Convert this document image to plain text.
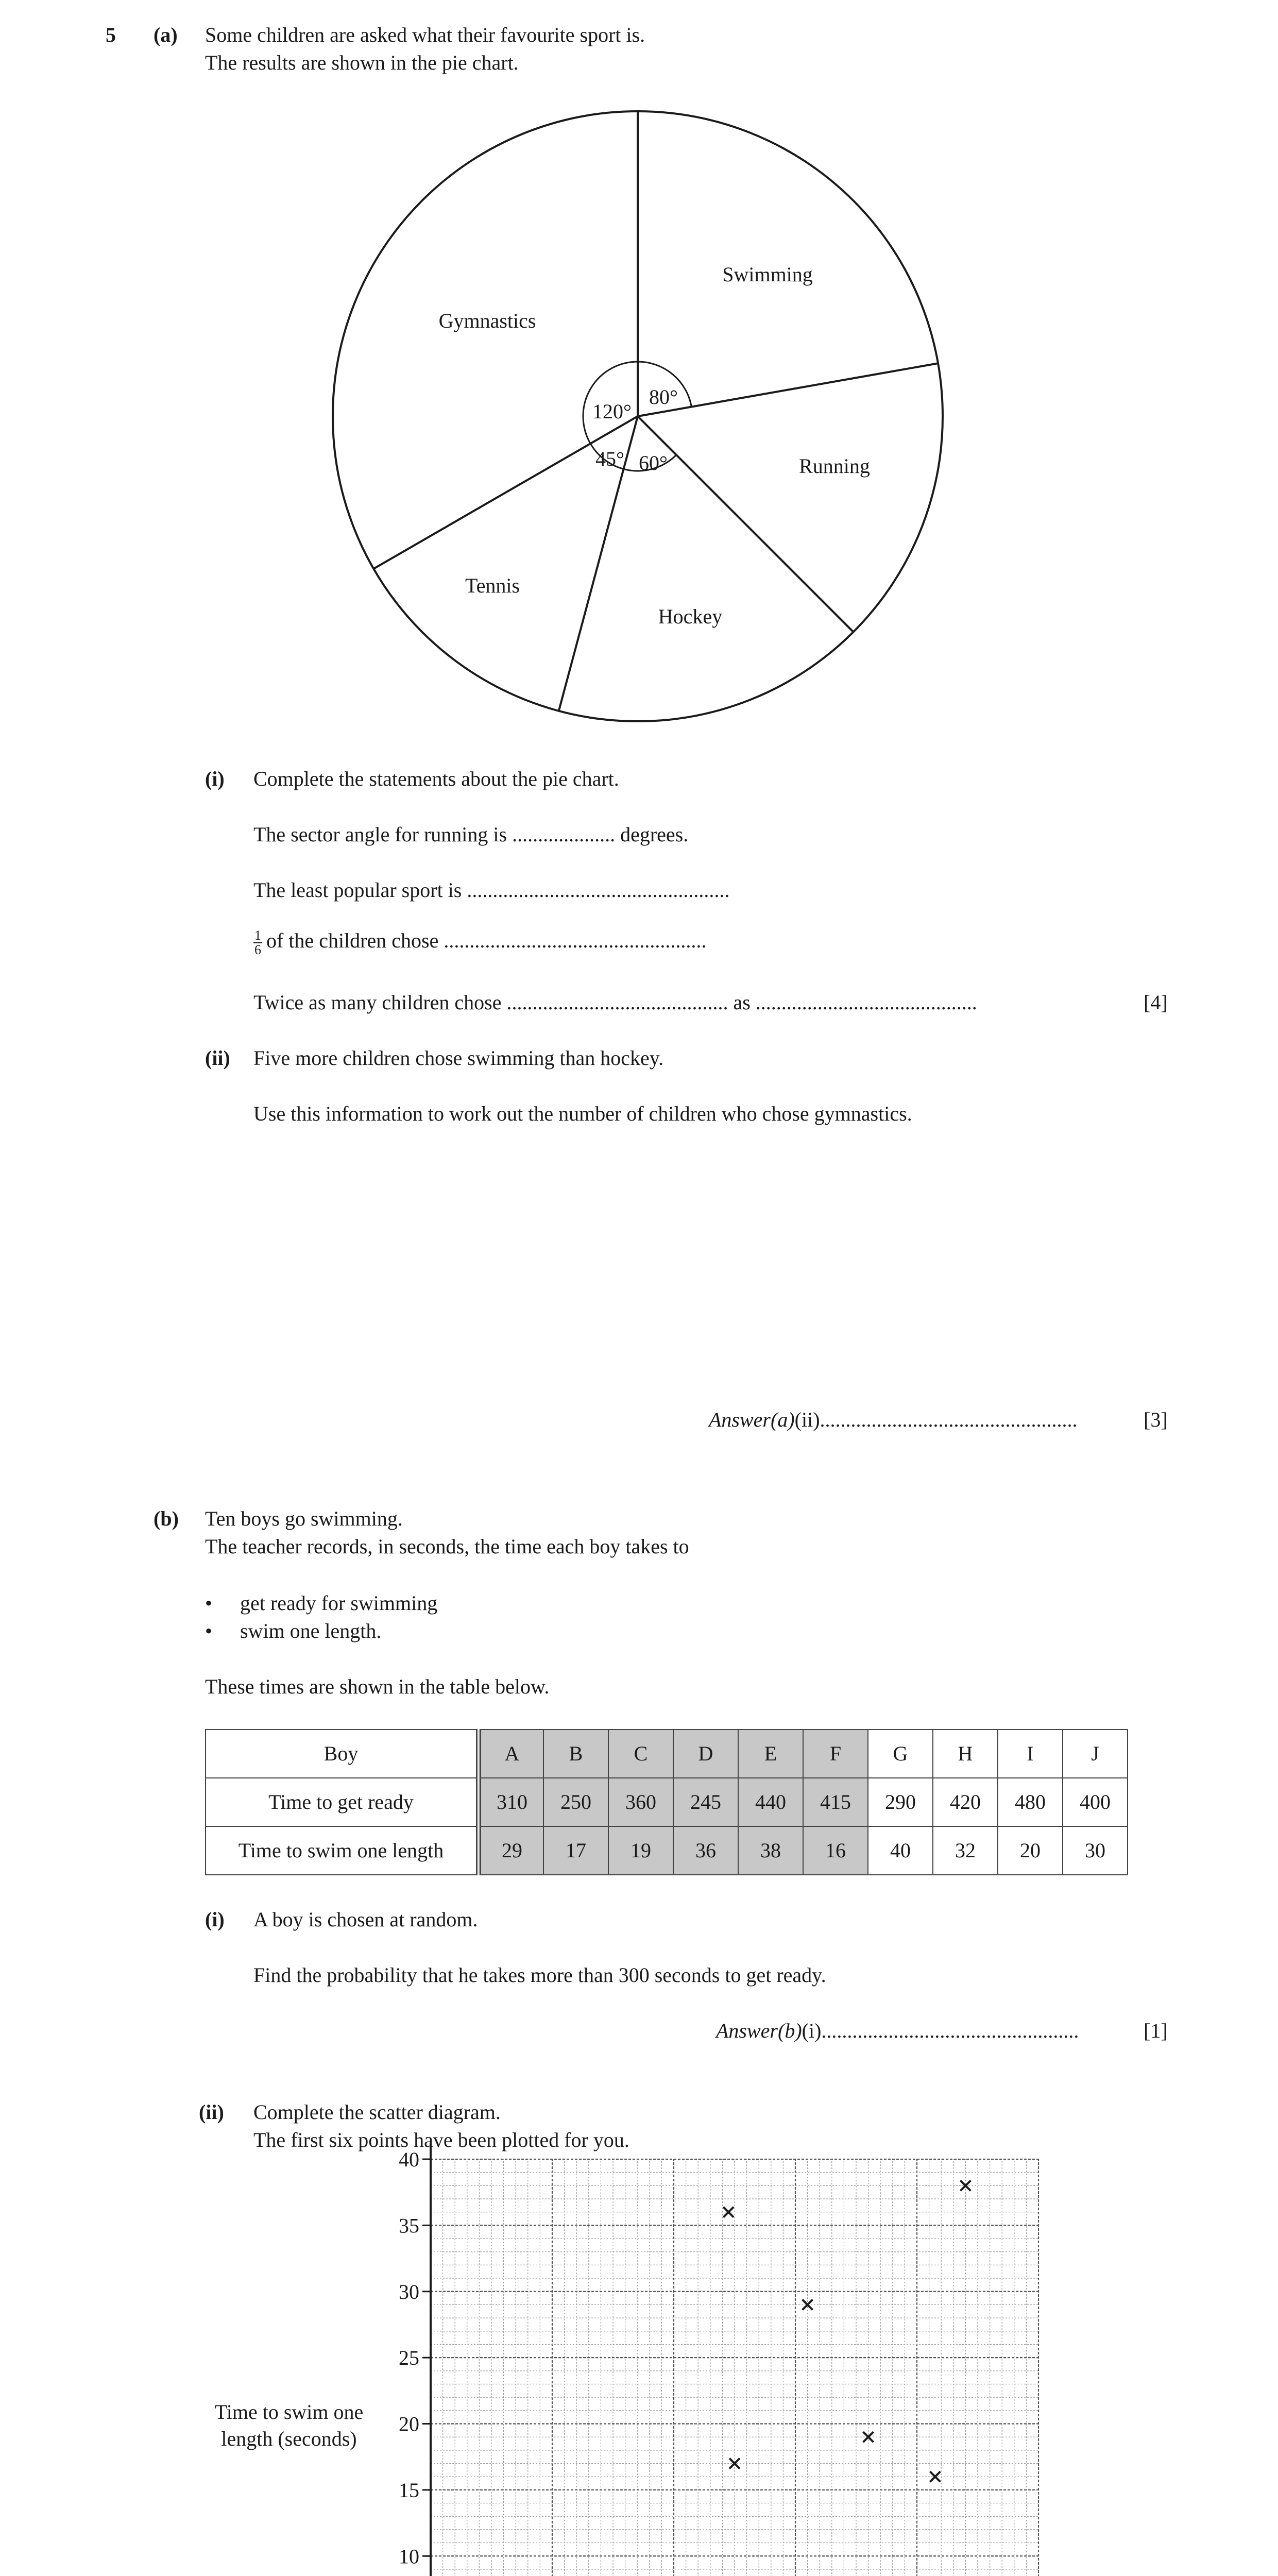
5 (a) Some children are asked what their favourite sport is.
The results are shown in the pie chart.
Swimming
Running
Hockey
Tennis
Gymnastics
80°
60°
45°
120°
(i) Complete the statements about the pie chart.
The sector angle for running is .................... degrees.
The least popular sport is ...................................................
$\frac{1}{6}$ of the children chose ...................................................
Twice as many children chose ........................................... as ...........................................	[4]
(ii) Five more children chose swimming than hockey.
Use this information to work out the number of children who chose gymnastics.
Answer(a)(ii)..................................................	[3]
(b) Ten boys go swimming.
The teacher records, in seconds, the time each boy takes to
• get ready for swimming
• swim one length.
These times are shown in the table below.
Boy	A	B	C	D	E	F	G	H	I	J
Time to get ready	310	250	360	245	440	415	290	420	480	400
Time to swim one length	29	17	19	36	38	16	40	32	20	30
(i) A boy is chosen at random.
Find the probability that he takes more than 300 seconds to get ready.
Answer(b)(i)..................................................	[1]
(ii) Complete the scatter diagram.
The first six points have been plotted for you.
Time to swim one
length (seconds)
10
15
20
25
30
35
40
